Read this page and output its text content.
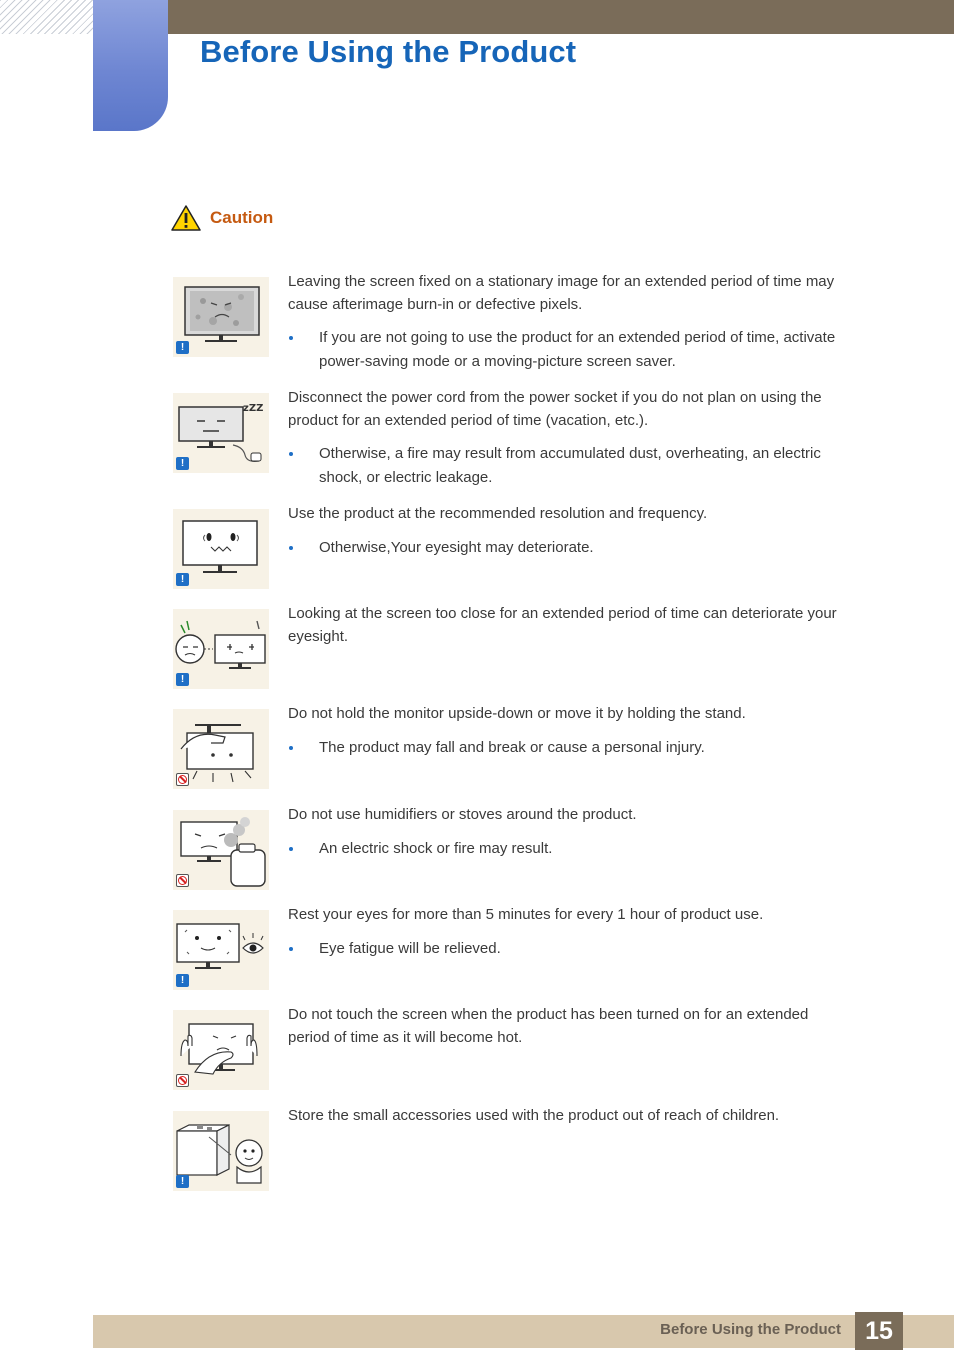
Before Using the Product
Caution
!

Leaving the screen fixed on a stationary image for an extended period of time may cause afterimage burn-in or defective pixels.

If you are not going to use the product for an extended period of time, activate power-saving mode or a moving-picture screen saver.
zZZ
!

Disconnect the power cord from the power socket if you do not plan on using the product for an extended period of time (vacation, etc.).

Otherwise, a fire may result from accumulated dust, overheating, an electric shock, or electric leakage.
!

Use the product at the recommended resolution and frequency.

Otherwise,Your eyesight may deteriorate.
!

Looking at the screen too close for an extended period of time can deteriorate your eyesight.

Do not hold the monitor upside-down or move it by holding the stand.

The product may fall and break or cause a personal injury.

Do not use humidifiers or stoves around the product.

An electric shock or fire may result.
!

Rest your eyes for more than 5 minutes for every 1 hour of product use.

Eye fatigue will be relieved.

Do not touch the screen when the product has been turned on for an extended period of time as it will become hot.

!

Store the small accessories used with the product out of reach of children.

Before Using the Product 15
